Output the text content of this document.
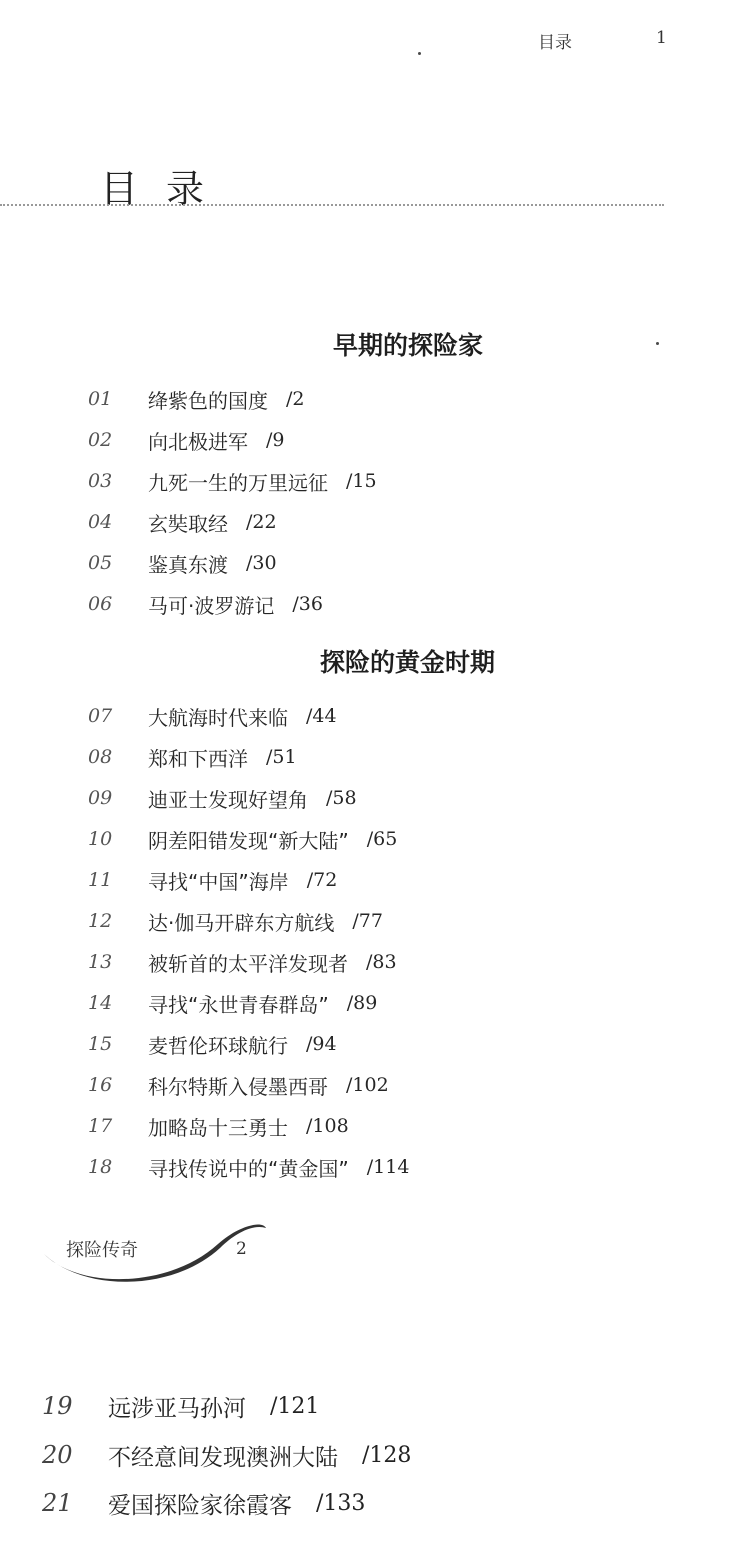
目录	1
目录
早期的探险家
01	绛紫色的国度 /2
02	向北极进军 /9
03	九死一生的万里远征 /15
04	玄奘取经 /22
05	鉴真东渡 /30
06	马可·波罗游记 /36
探险的黄金时期
07	大航海时代来临 /44
08	郑和下西洋 /51
09	迪亚士发现好望角 /58
10	阴差阳错发现“新大陆” /65
11	寻找“中国”海岸 /72
12	达·伽马开辟东方航线 /77
13	被斩首的太平洋发现者 /83
14	寻找“永世青春群岛” /89
15	麦哲伦环球航行 /94
16	科尔特斯入侵墨西哥 /102
17	加略岛十三勇士 /108
18	寻找传说中的“黄金国” /114
探险传奇	2
19	远涉亚马孙河 /121
20	不经意间发现澳洲大陆 /128
21	爱国探险家徐霞客 /133
